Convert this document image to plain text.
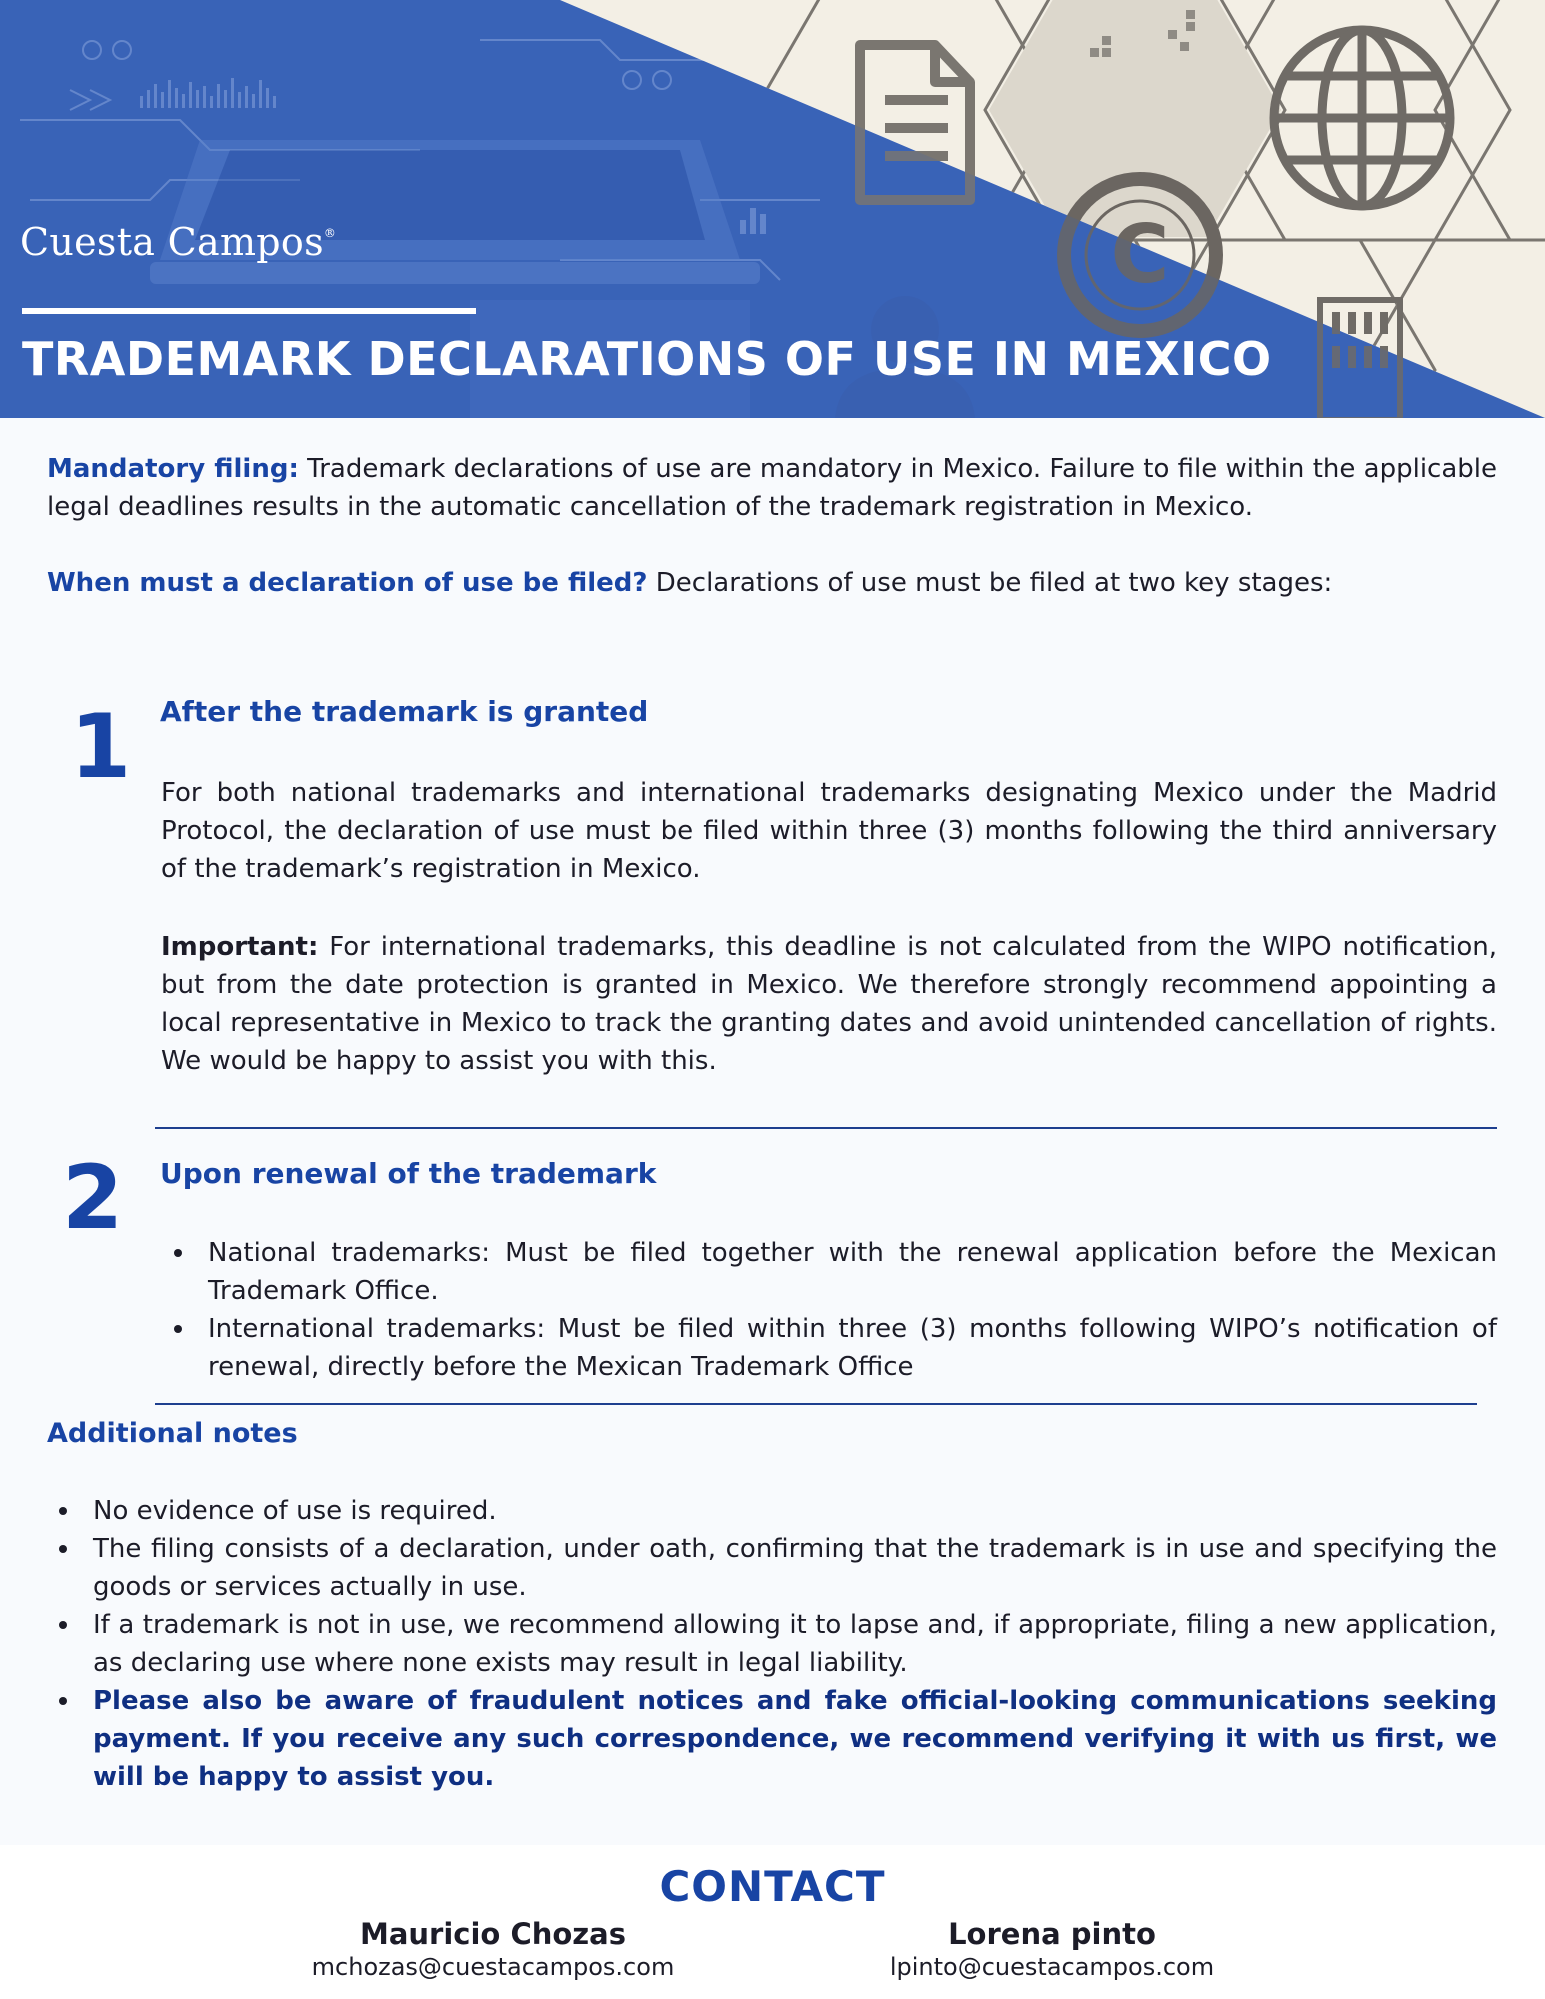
C
Cuesta Campos®
TRADEMARK DECLARATIONS OF USE IN MEXICO

Mandatory filing: Trademark declarations of use are mandatory in Mexico. Failure to file within the applicable legal deadlines results in the automatic cancellation of the trademark registration in Mexico.

When must a declaration of use be filed? Declarations of use must be filed at two key stages:

1 After the trademark is granted

For both national trademarks and international trademarks designating Mexico under the Madrid Protocol, the declaration of use must be filed within three (3) months following the third anniversary of the trademark’s registration in Mexico.

Important: For international trademarks, this deadline is not calculated from the WIPO notification, but from the date protection is granted in Mexico. We therefore strongly recommend appointing a local representative in Mexico to track the granting dates and avoid unintended cancellation of rights. We would be happy to assist you with this.

2 Upon renewal of the trademark
National trademarks: Must be filed together with the renewal application before the Mexican Trademark Office.
International trademarks: Must be filed within three (3) months following WIPO’s notification of renewal, directly before the Mexican Trademark Office
Additional notes
No evidence of use is required.
The filing consists of a declaration, under oath, confirming that the trademark is in use and specifying the goods or services actually in use.
If a trademark is not in use, we recommend allowing it to lapse and, if appropriate, filing a new application, as declaring use where none exists may result in legal liability.
Please also be aware of fraudulent notices and fake official-looking communications seeking payment. If you receive any such correspondence, we recommend verifying it with us first, we will be happy to assist you.
CONTACT
Mauricio Chozas
mchozas@cuestacampos.com
Lorena pinto
lpinto@cuestacampos.com
